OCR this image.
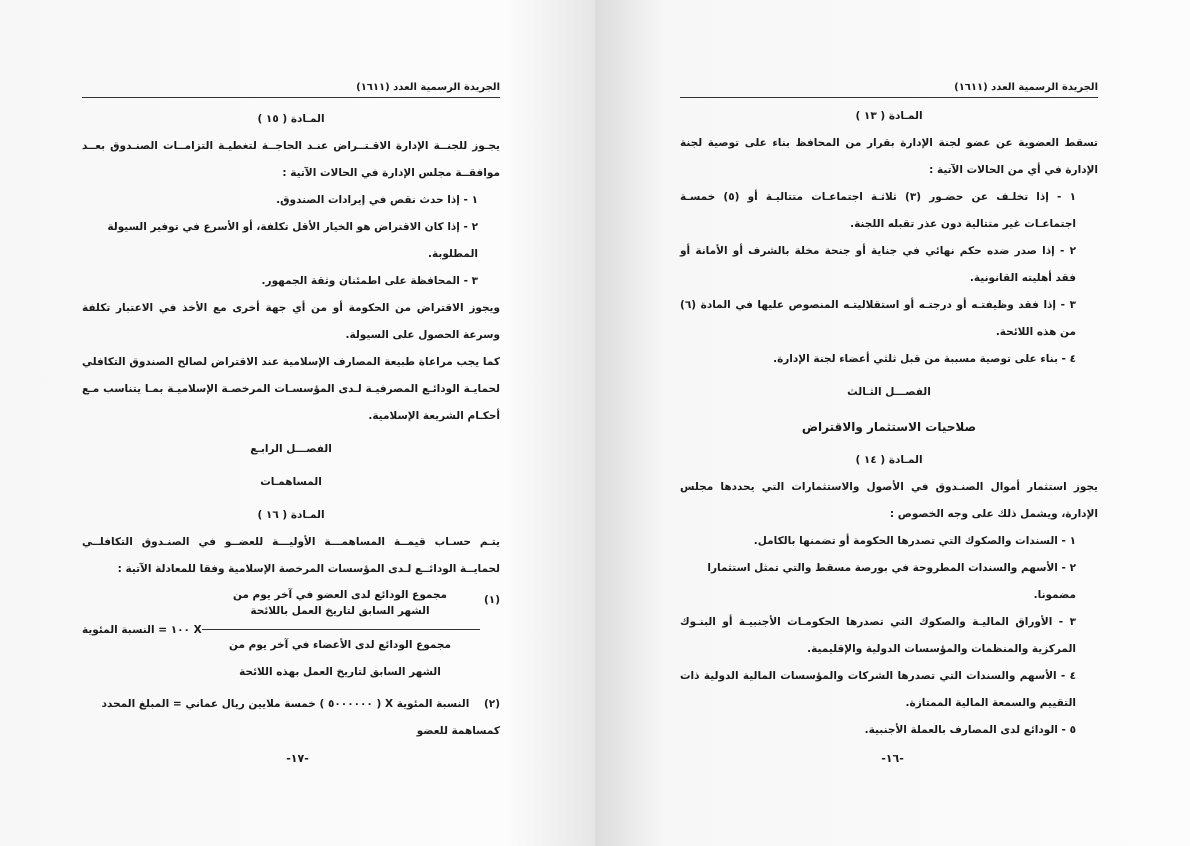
الجريدة الرسمية العدد (١٦١١)

المـادة ( ١٥ )

يجـوز للجنــة الإدارة الاقـتــراض عنـد الحاجــة لتغطيـة التزامــات الصنـدوق بعــد موافقــة مجلس الإدارة في الحالات الآتية :

١ - إذا حدث نقص في إيرادات الصندوق.

٢ - إذا كان الاقتراض هو الخيار الأقل تكلفة، أو الأسرع في توفير السيولة المطلوبة.

٣ - المحافظة على اطمئنان وثقة الجمهور.

ويجوز الاقتراض من الحكومة أو من أي جهة أخرى مع الأخذ في الاعتبار تكلفة وسرعة الحصول على السيولة.

كما يجب مراعاة طبيعة المصارف الإسلامية عند الاقتراض لصالح الصندوق التكافلي لحمايـة الودائـع المصرفيـة لـدى المؤسسـات المرخصـة الإسلاميـة بمـا يتناسب مـع أحكـام الشريعة الإسلامية.

الفصـــل الرابـع

المساهمـات

المـادة ( ١٦ )

يتـم حسـاب قيمــة المساهمـــة الأوليـــة للعضــو في الصنـدوق التكافلــي لحمايــة الودائــع لـدى المؤسسات المرخصة الإسلامية وفقا للمعادلة الآتية :

(١)
مجموع الودائع لدى العضو في آخر يوم من الشهر السابق لتاريخ العمل باللائحة
مجموع الودائع لدى الأعضاء في آخر يوم من الشهر السابق لتاريخ العمل بهذه اللائحة
X ١٠٠ = النسبة المئوية

(٢)    النسبة المئوية X ( ٥٠٠٠٠٠٠ ) خمسة ملايين ريال عماني = المبلغ المحدد كمساهمة للعضو

-١٧-
الجريدة الرسمية العدد (١٦١١)

المـادة ( ١٣ )

تسقط العضوية عن عضو لجنة الإدارة بقرار من المحافظ بناء على توصية لجنة الإدارة في أي من الحالات الآتية :

١ - إذا تخلـف عن حضـور (٣) ثلاثـة اجتماعـات متتاليـة أو (٥) خمسـة اجتماعـات غير متتالية دون عذر تقبله اللجنة.

٢ - إذا صدر ضده حكم نهائي في جناية أو جنحة مخلة بالشرف أو الأمانة أو فقد أهليته القانونية.

٣ - إذا فقد وظيفتـه أو درجتـه أو استقلاليتـه المنصوص عليها في المادة (٦) من هذه اللائحة.

٤ - بناء على توصية مسببة من قبل ثلثي أعضاء لجنة الإدارة.

الفصـــل الثـالث

صلاحيات الاستثمار والاقتراض

المـادة ( ١٤ )

يجوز استثمار أموال الصنـدوق في الأصول والاستثمارات التي يحددها مجلس الإدارة، ويشمل ذلك على وجه الخصوص :

١ - السندات والصكوك التي تصدرها الحكومة أو تضمنها بالكامل.

٢ - الأسهم والسندات المطروحة في بورصة مسقط والتي تمثل استثمارا مضمونا.

٣ - الأوراق الماليـة والصكوك التي تصدرها الحكومـات الأجنبيـة أو البنـوك المركزية والمنظمات والمؤسسات الدولية والإقليمية.

٤ - الأسهم والسندات التي تصدرها الشركات والمؤسسات المالية الدولية ذات التقييم والسمعة المالية الممتازة.

٥ - الودائع لدى المصارف بالعملة الأجنبية.

-١٦-
